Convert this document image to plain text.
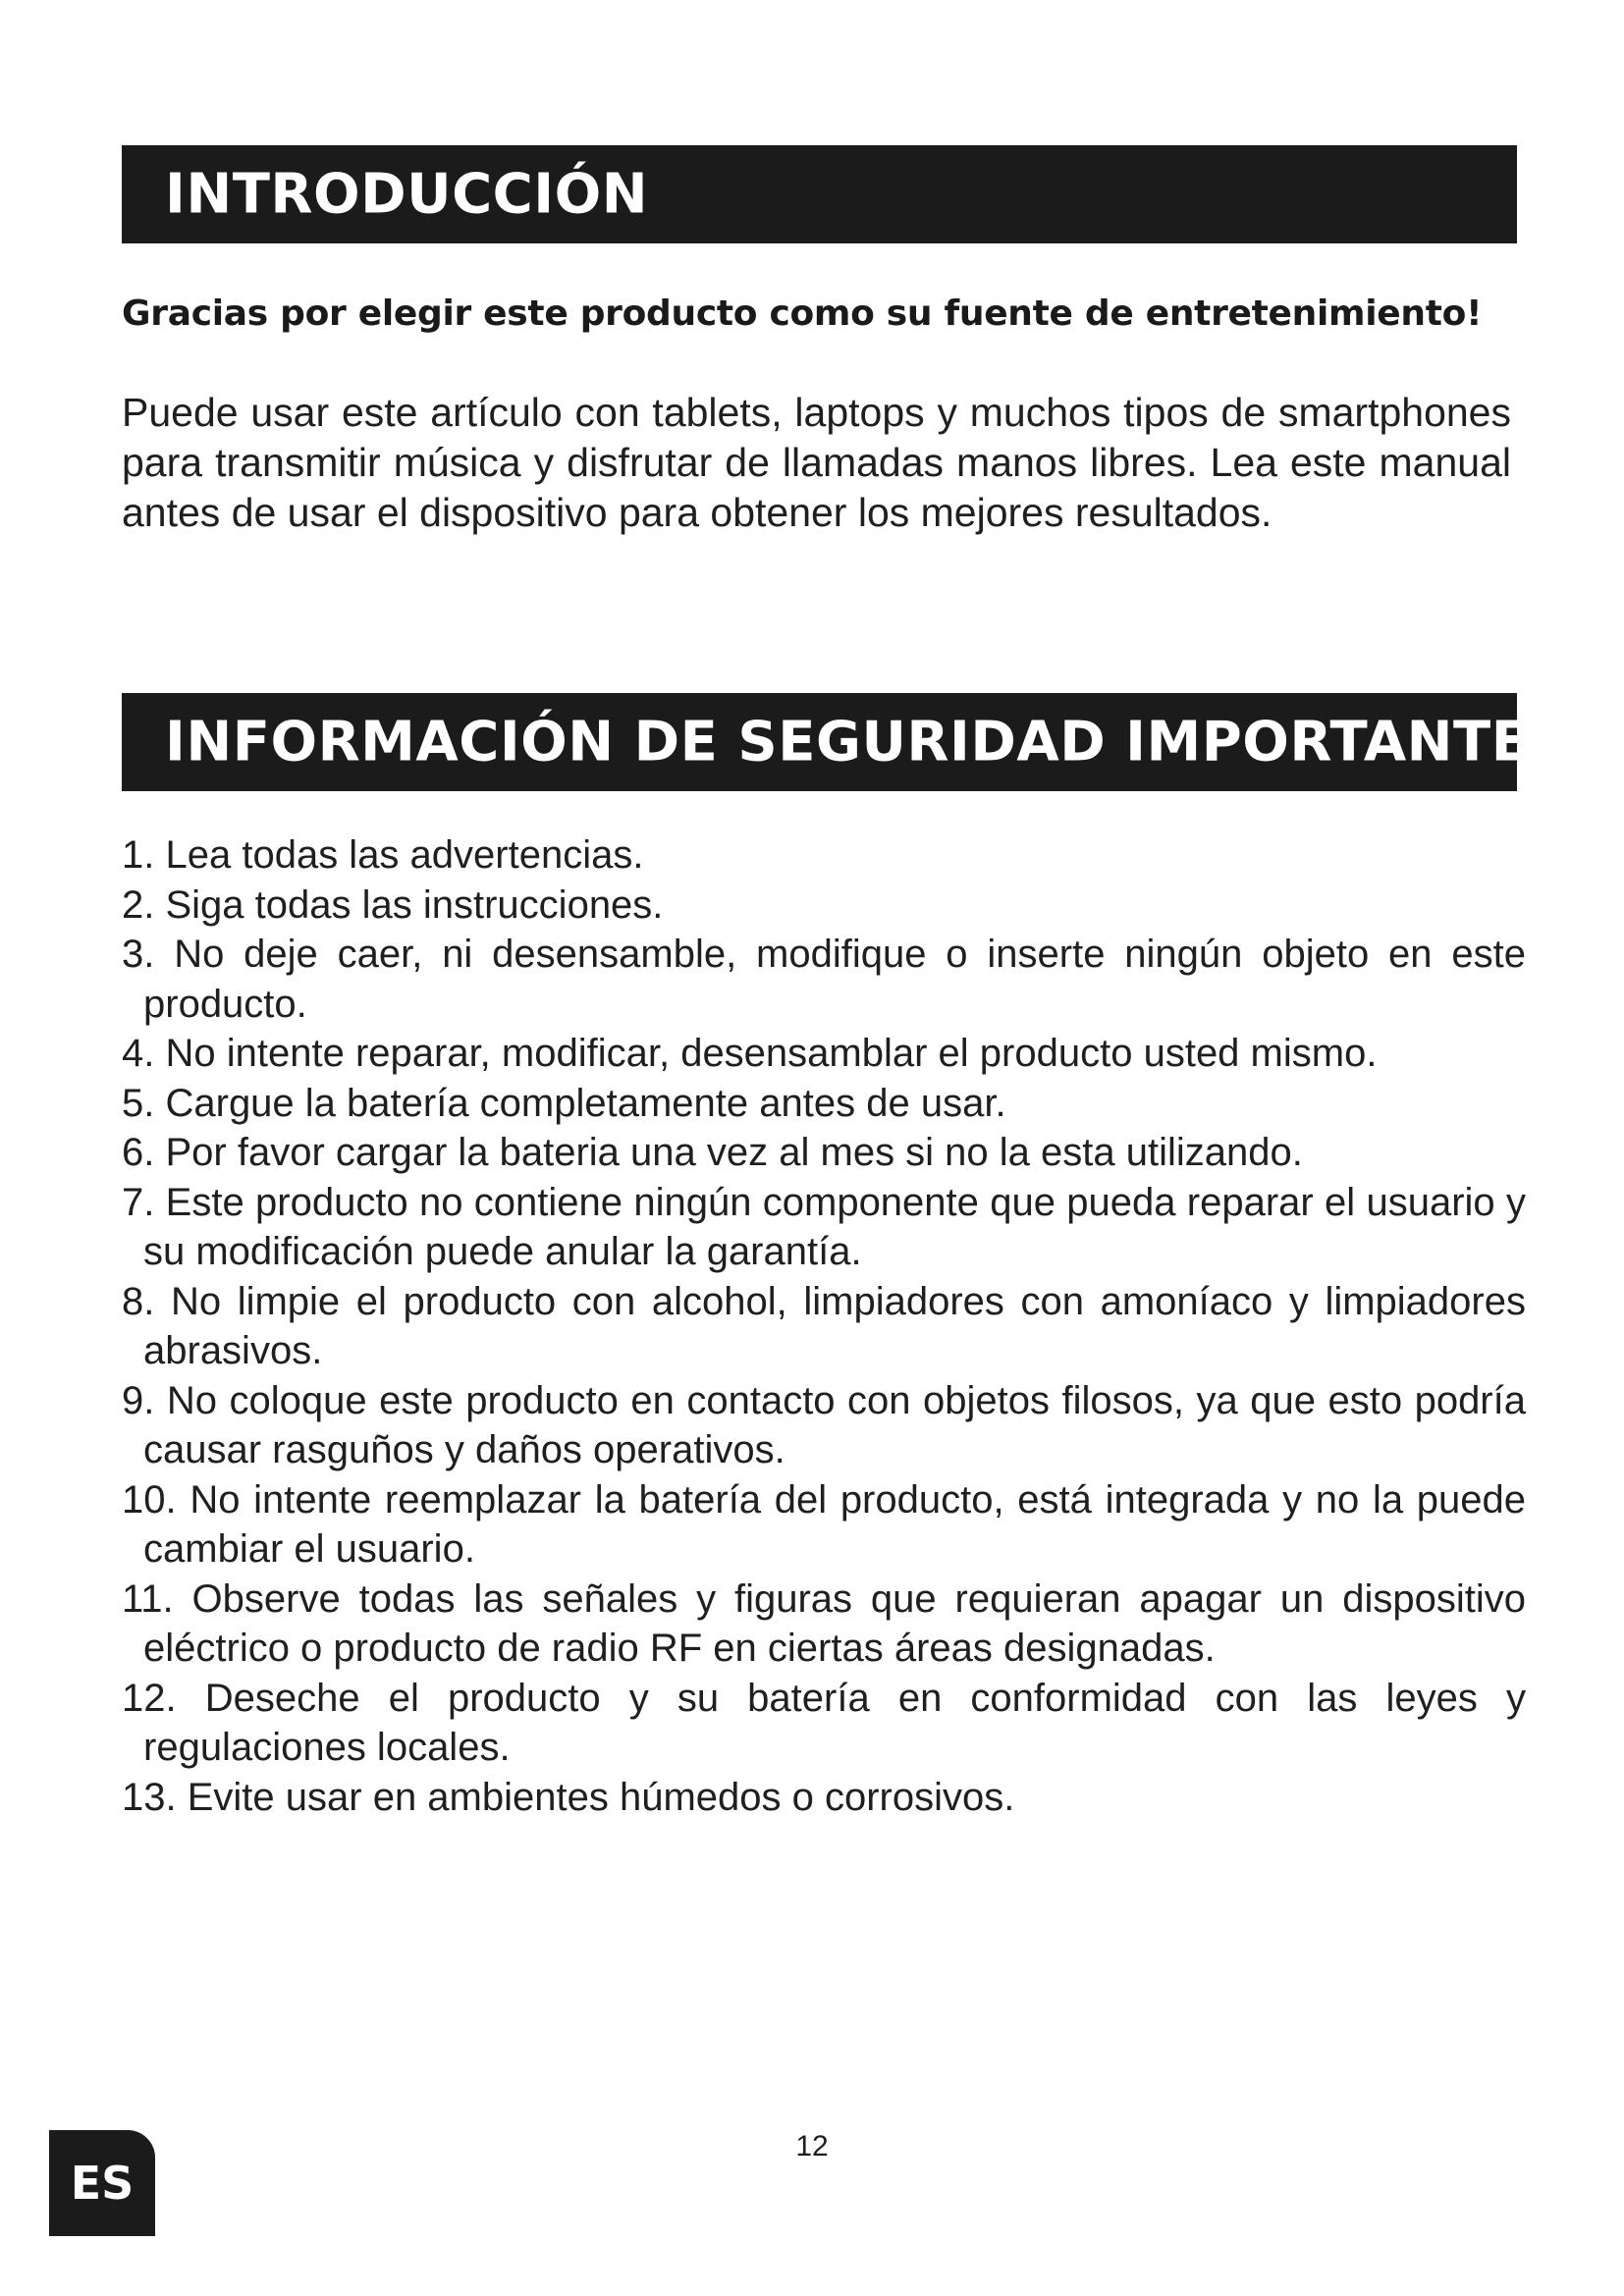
INTRODUCCIÓN
Gracias por elegir este producto como su fuente de entretenimiento!
Puede usar este artículo con tablets, laptops y muchos tipos de smartphones para transmitir música y disfrutar de llamadas manos libres. Lea este manual antes de usar el dispositivo para obtener los mejores resultados.
INFORMACIÓN DE SEGURIDAD IMPORTANTE
1. Lea todas las advertencias.
2. Siga todas las instrucciones.
3. No deje caer, ni desensamble, modifique o inserte ningún objeto en este producto.
4. No intente reparar, modificar, desensamblar el producto usted mismo.
5. Cargue la batería completamente antes de usar.
6. Por favor cargar la bateria una vez al mes si no la esta utilizando.
7. Este producto no contiene ningún componente que pueda reparar el usuario y su modificación puede anular la garantía.
8. No limpie el producto con alcohol, limpiadores con amoníaco y limpiadores abrasivos.
9. No coloque este producto en contacto con objetos filosos, ya que esto podría causar rasguños y daños operativos.
10. No intente reemplazar la batería del producto, está integrada y no la puede cambiar el usuario.
11. Observe todas las señales y figuras que requieran apagar un dispositivo eléctrico o producto de radio RF en ciertas áreas designadas.
12. Deseche el producto y su batería en conformidad con las leyes y regulaciones locales.
13. Evite usar en ambientes húmedos o corrosivos.
12
ES
